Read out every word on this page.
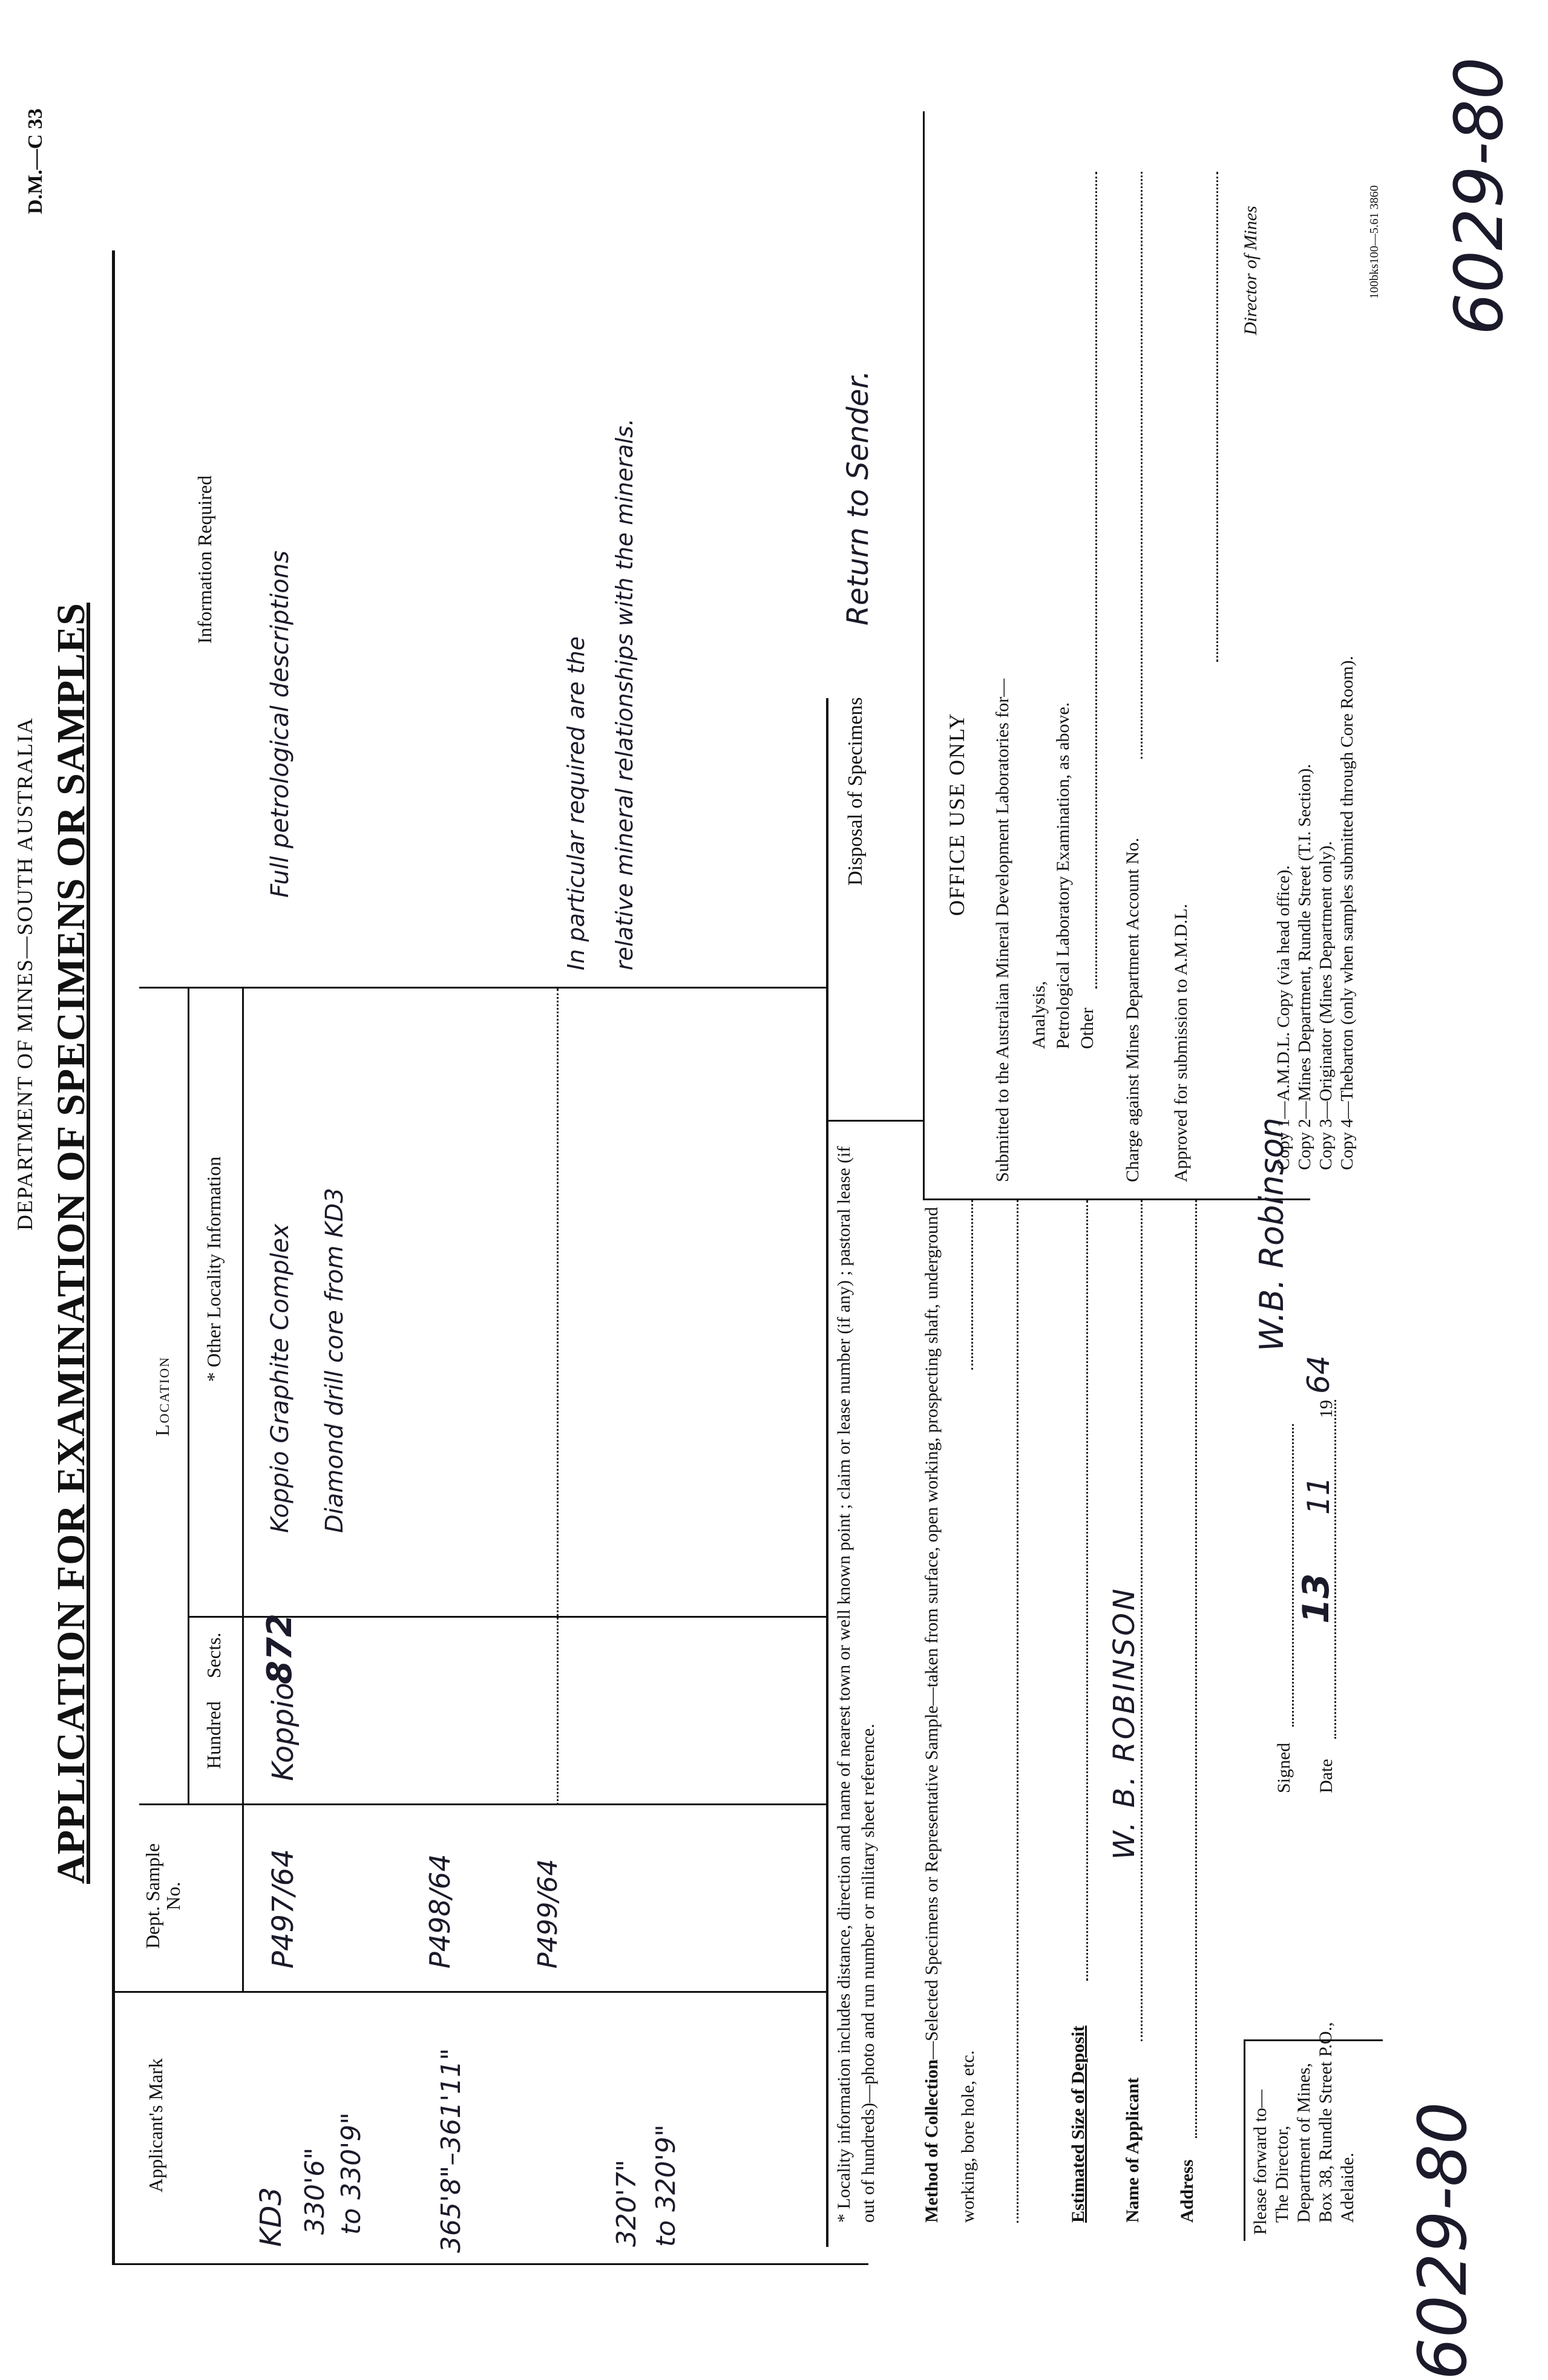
DEPARTMENT OF MINES—SOUTH AUSTRALIA
D.M.—C 33
APPLICATION FOR EXAMINATION OF SPECIMENS OR SAMPLES
Applicant's Mark
Dept. Sample No.
Location
Hundred
Sects.
* Other Locality Information
Information Required
KD3 330'6" to 330'9"
P497/64
Koppio
872
Koppio Graphite Complex Diamond drill core from KD3
Full petrological descriptions
365'8"–361'11"
P498/64
320'7" to 320'9"
P499/64
In particular required are the relative mineral relationships with the minerals.
* Locality information includes distance, direction and name of nearest town or well known point ; claim or lease number (if any) ; pastoral lease (if out of hundreds)—photo and run number or military sheet reference.
Disposal of Specimens
Return to Sender.
OFFICE USE ONLY Submitted to the Australian Mineral Development Laboratories for— Analysis, Petrological Laboratory Examination, as above. Other Charge against Mines Department Account No. Approved for submission to A.M.D.L.
Director of Mines
Copy 1—A.M.D.L. Copy (via head office). Copy 2—Mines Department, Rundle Street (T.I. Section). Copy 3—Originator (Mines Department only). Copy 4—Thebarton (only when samples submitted through Core Room).
100bks100—5.61 3860
Method of Collection—Selected Specimens or Representative Sample—taken from surface, open working, prospecting shaft, underground working, bore hole, etc.	Estimated Size of Deposit Name of Applicant
W. B. ROBINSON
Address	Please forward to— The Director, Department of Mines, Box 38, Rundle Street P.O., Adelaide.
Signed
W.B. Robinson
Date
13
11
19
64
6029-80
6029-80
